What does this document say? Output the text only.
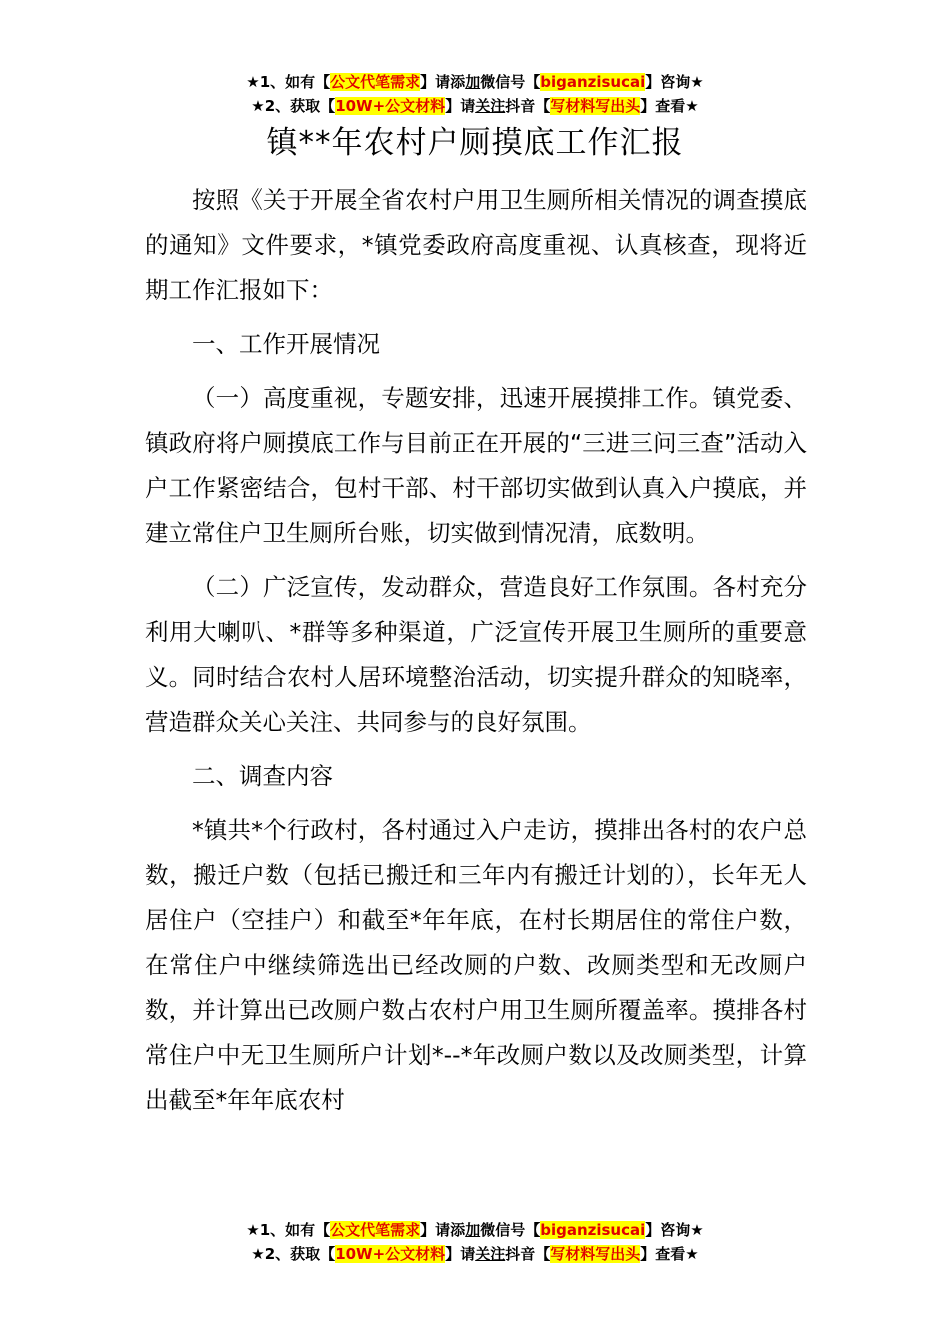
★1、如有【公文代笔需求】请添加微信号【biganzisucai】咨询★
★2、获取【10W+公文材料】请关注抖音【写材料写出头】查看★
镇**年农村户厕摸底工作汇报

按照《关于开展全省农村户用卫生厕所相关情况的调查摸底的通知》文件要求，*镇党委政府高度重视、认真核查，现将近期工作汇报如下：

一、工作开展情况

（一）高度重视，专题安排，迅速开展摸排工作。镇党委、镇政府将户厕摸底工作与目前正在开展的“三进三问三查”活动入户工作紧密结合，包村干部、村干部切实做到认真入户摸底，并建立常住户卫生厕所台账，切实做到情况清，底数明。

（二）广泛宣传，发动群众，营造良好工作氛围。各村充分利用大喇叭、*群等多种渠道，广泛宣传开展卫生厕所的重要意义。同时结合农村人居环境整治活动，切实提升群众的知晓率，营造群众关心关注、共同参与的良好氛围。

二、调查内容

*镇共*个行政村，各村通过入户走访，摸排出各村的农户总数，搬迁户数（包括已搬迁和三年内有搬迁计划的），长年无人居住户（空挂户）和截至*年年底，在村长期居住的常住户数，在常住户中继续筛选出已经改厕的户数、改厕类型和无改厕户数，并计算出已改厕户数占农村户用卫生厕所覆盖率。摸排各村常住户中无卫生厕所户计划*--*年改厕户数以及改厕类型，计算出截至*年年底农村

★1、如有【公文代笔需求】请添加微信号【biganzisucai】咨询★
★2、获取【10W+公文材料】请关注抖音【写材料写出头】查看★
